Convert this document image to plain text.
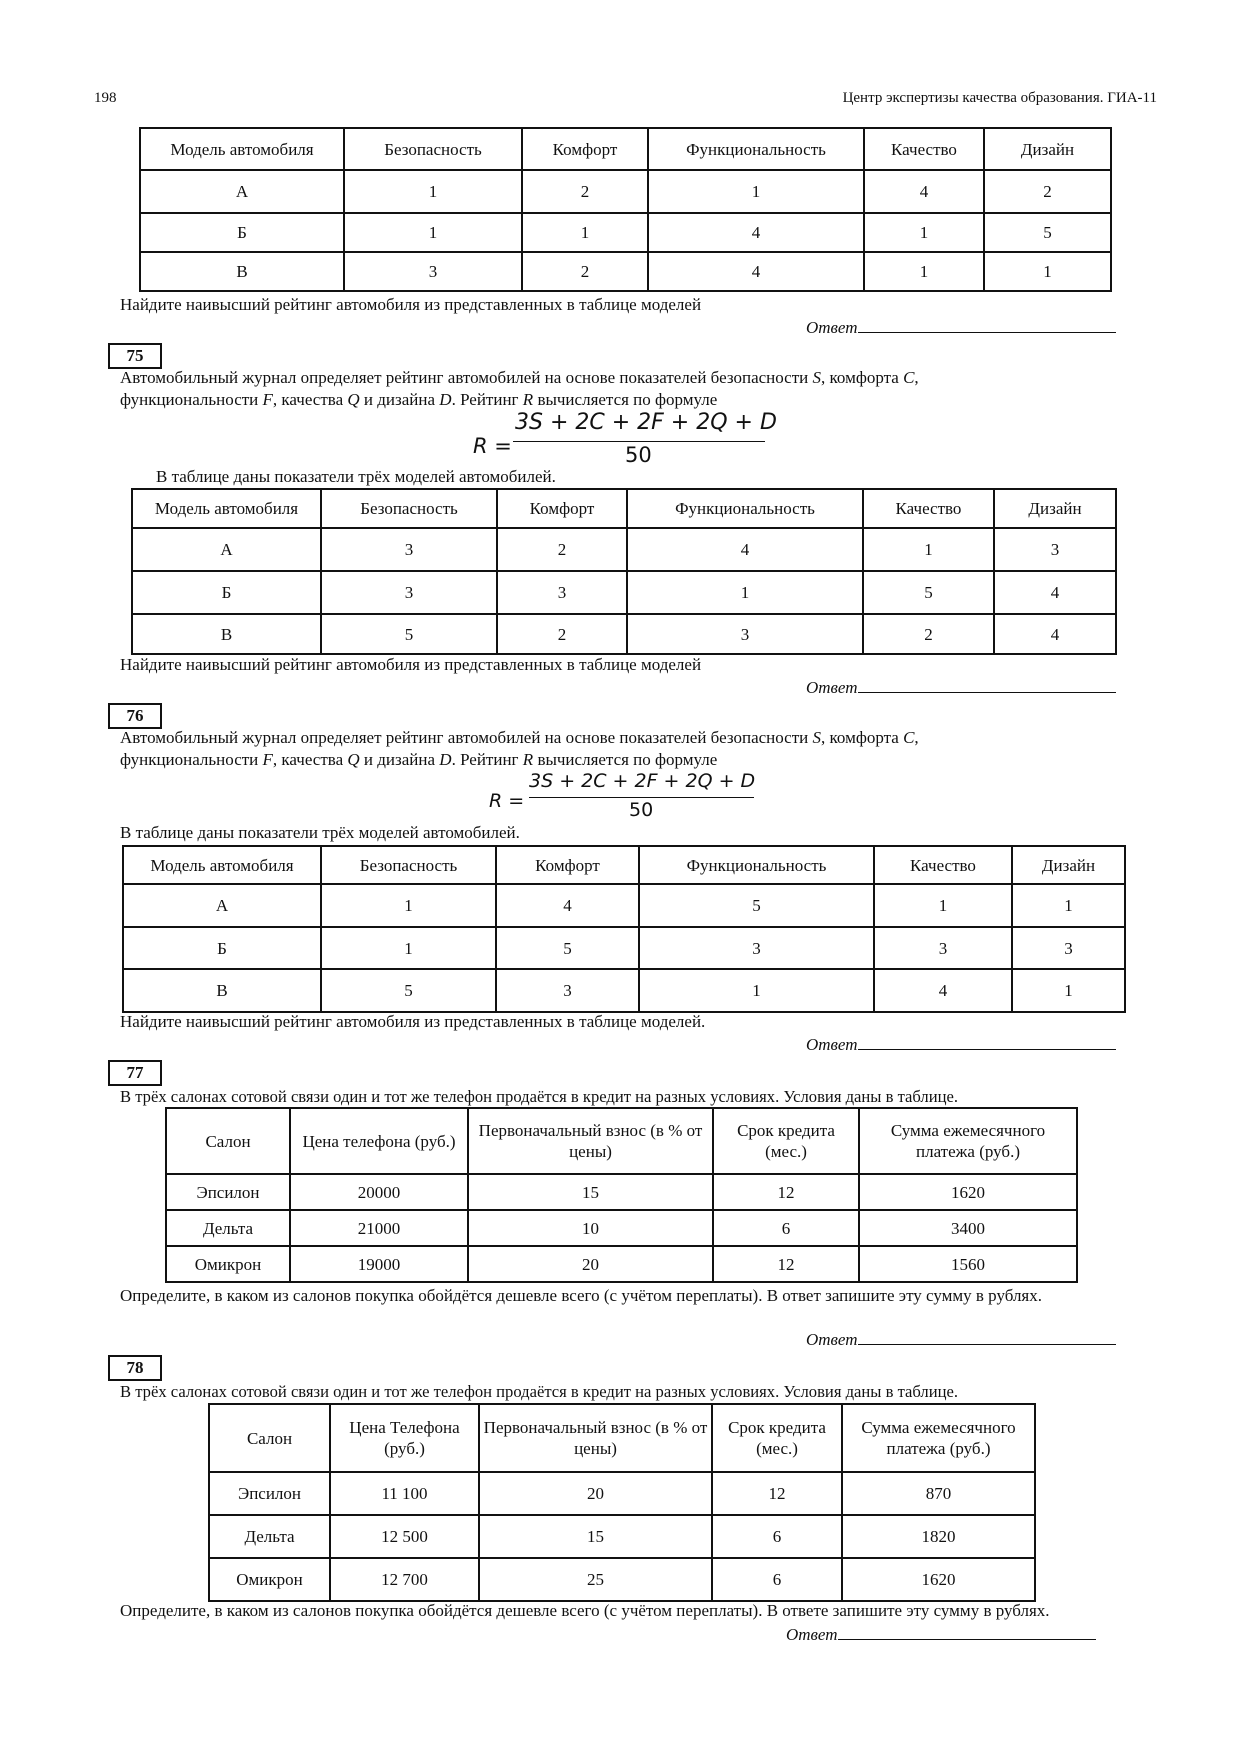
198	Центр экспертизы качества образования. ГИА-11
Модель автомобиля	Безопасность	Комфорт	Функциональность	Качество	Дизайн
А	1	2	1	4	2
Б	1	1	4	1	5
В	3	2	4	1	1
Найдите наивысший рейтинг автомобиля из представленных в таблице моделей
Ответ
75
Автомобильный журнал определяет рейтинг автомобилей на основе показателей безопасности S, комфорта C,
функциональности F, качества Q и дизайна D. Рейтинг R вычисляется по формуле
R =
3S + 2C + 2F + 2Q + D
50
В таблице даны показатели трёх моделей автомобилей.
Модель автомобиля	Безопасность	Комфорт	Функциональность	Качество	Дизайн
А	3	2	4	1	3
Б	3	3	1	5	4
В	5	2	3	2	4
Найдите наивысший рейтинг автомобиля из представленных в таблице моделей
Ответ
76
Автомобильный журнал определяет рейтинг автомобилей на основе показателей безопасности S, комфорта C,
функциональности F, качества Q и дизайна D. Рейтинг R вычисляется по формуле
R =
3S + 2C + 2F + 2Q + D
50
В таблице даны показатели трёх моделей автомобилей.
Модель автомобиля	Безопасность	Комфорт	Функциональность	Качество	Дизайн
А	1	4	5	1	1
Б	1	5	3	3	3
В	5	3	1	4	1
Найдите наивысший рейтинг автомобиля из представленных в таблице моделей.
Ответ
77
В трёх салонах сотовой связи один и тот же телефон продаётся в кредит на разных условиях. Условия даны в таблице.
Салон	Цена телефона (руб.)	Первоначальный взнос (в % от цены)	Срок кредита (мес.)	Сумма ежемесячного платежа (руб.)
Эпсилон	20000	15	12	1620
Дельта	21000	10	6	3400
Омикрон	19000	20	12	1560
Определите, в каком из салонов покупка обойдётся дешевле всего (с учётом переплаты). В ответ запишите эту сумму в рублях.
Ответ
78
В трёх салонах сотовой связи один и тот же телефон продаётся в кредит на разных условиях. Условия даны в таблице.
Салон	Цена Телефона (руб.)	Первоначальный взнос (в % от цены)	Срок кредита (мес.)	Сумма ежемесячного платежа (руб.)
Эпсилон	11 100	20	12	870
Дельта	12 500	15	6	1820
Омикрон	12 700	25	6	1620
Определите, в каком из салонов покупка обойдётся дешевле всего (с учётом переплаты). В ответе запишите эту сумму в рублях.
Ответ
